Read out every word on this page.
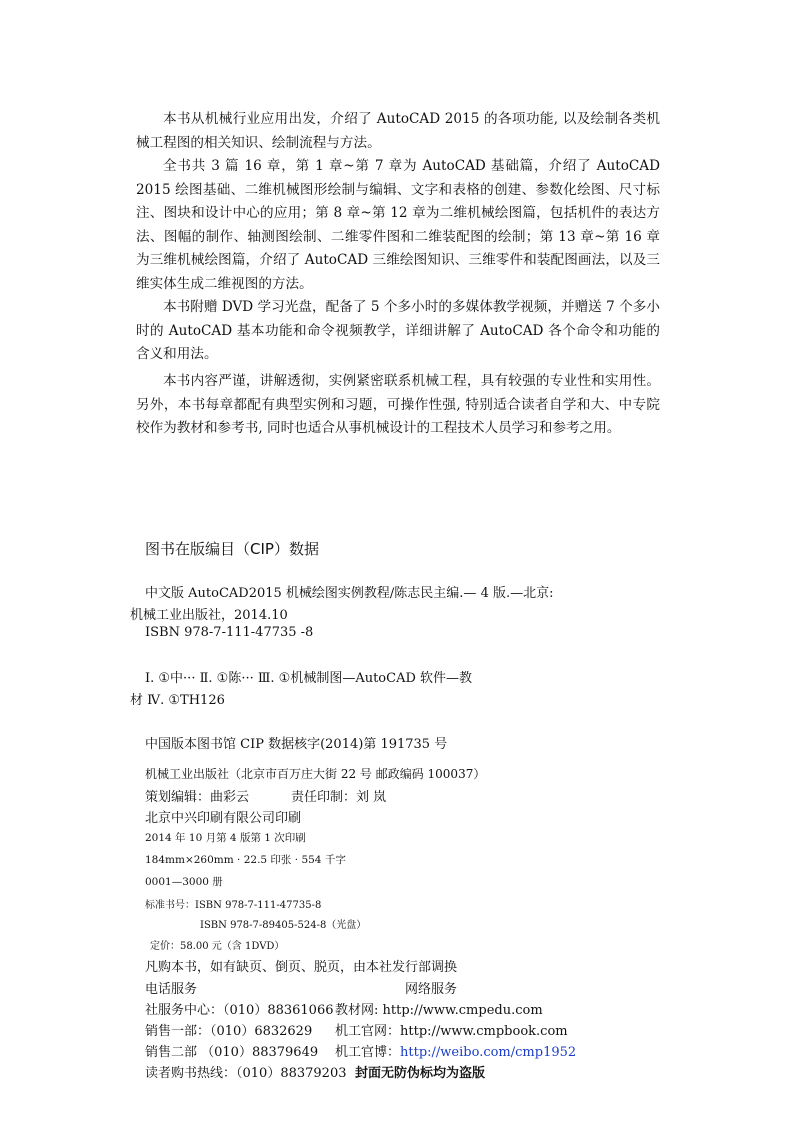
本书从机械行业应用出发，介绍了 AutoCAD 2015 的各项功能, 以及绘制各类机械工程图的相关知识、绘制流程与方法。

全书共 3 篇 16 章，第 1 章~第 7 章为 AutoCAD 基础篇，介绍了 AutoCAD 2015 绘图基础、二维机械图形绘制与编辑、文字和表格的创建、参数化绘图、尺寸标注、图块和设计中心的应用；第 8 章~第 12 章为二维机械绘图篇，包括机件的表达方法、图幅的制作、轴测图绘制、二维零件图和二维装配图的绘制；第 13 章~第 16 章为三维机械绘图篇，介绍了 AutoCAD 三维绘图知识、三维零件和装配图画法，以及三维实体生成二维视图的方法。

本书附赠 DVD 学习光盘，配备了 5 个多小时的多媒体教学视频，并赠送 7 个多小时的 AutoCAD 基本功能和命令视频教学，详细讲解了 AutoCAD 各个命令和功能的含义和用法。

本书内容严谨，讲解透彻，实例紧密联系机械工程，具有较强的专业性和实用性。另外，本书每章都配有典型实例和习题，可操作性强, 特别适合读者自学和大、中专院校作为教材和参考书, 同时也适合从事机械设计的工程技术人员学习和参考之用。

图书在版编目（CIP）数据
中文版 AutoCAD2015 机械绘图实例教程/陈志民主编.— 4 版.—北京:
机械工业出版社，2014.10
ISBN 978-7-111-47735 -8
Ⅰ. ①中··· Ⅱ. ①陈··· Ⅲ. ①机械制图—AutoCAD 软件—教
材 Ⅳ. ①TH126
中国版本图书馆 CIP 数据核字(2014)第 191735 号
机械工业出版社（北京市百万庄大街 22 号 邮政编码 100037）
策划编辑：曲彩云	责任印制：刘 岚
北京中兴印刷有限公司印刷
2014 年 10 月第 4 版第 1 次印刷
184mm×260mm · 22.5 印张 · 554 千字
0001—3000 册
标准书号：ISBN 978-7-111-47735-8
ISBN 978-7-89405-524-8（光盘）
定价：58.00 元（含 1DVD）
凡购本书，如有缺页、倒页、脱页，由本社发行部调换
电话服务	网络服务
社服务中心：（010）88361066 教材网: http://www.cmpedu.com
销售一部：（010）6832629 机工官网：http://www.cmpbook.com
销售二部 （010）88379649 机工官博：http://weibo.com/cmp1952
读者购书热线：（010）88379203 封面无防伪标均为盗版
